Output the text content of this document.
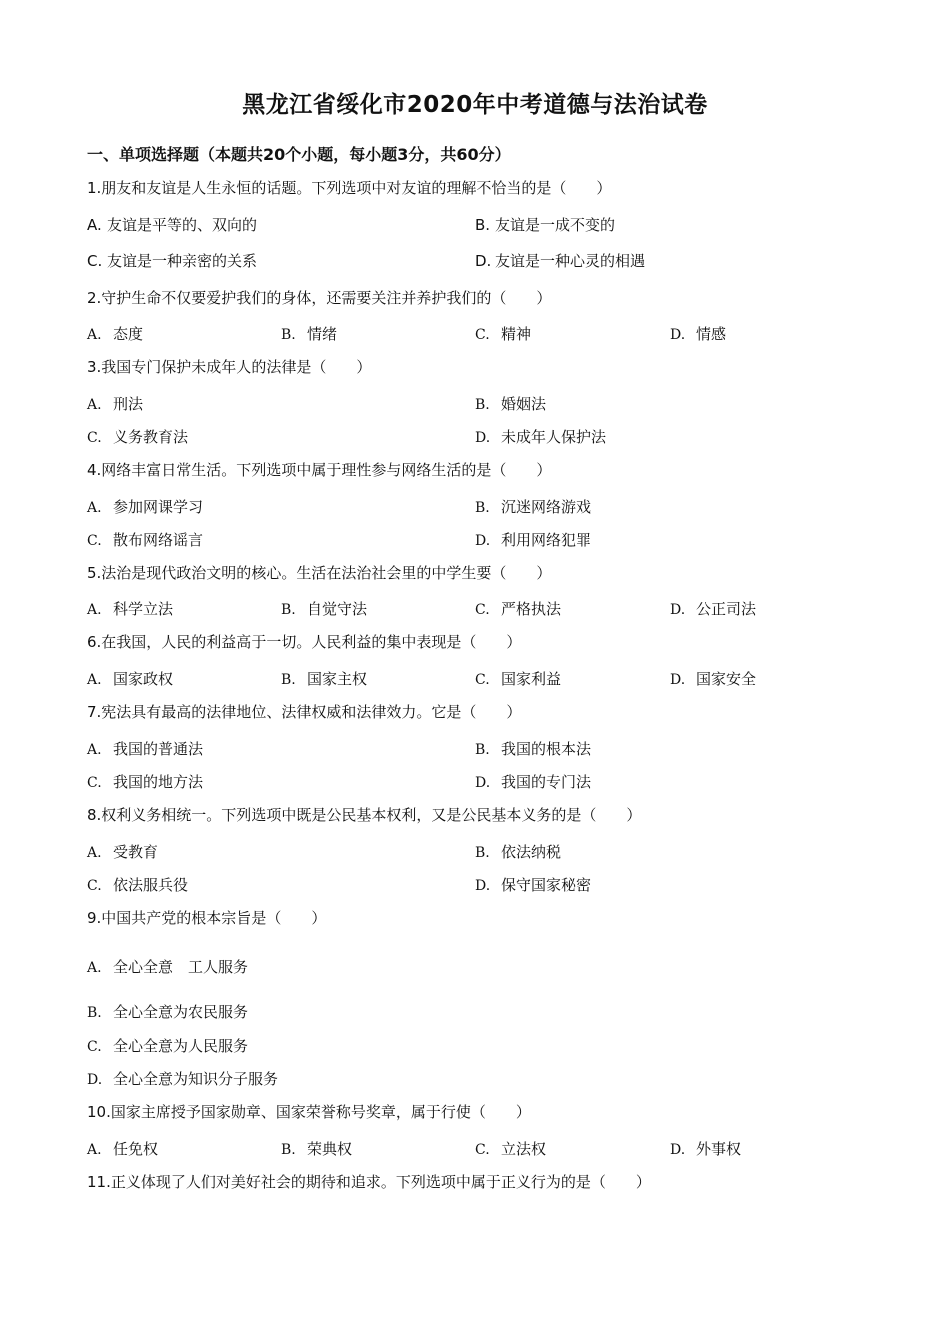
黑龙江省绥化市2020年中考道德与法治试卷
一、单项选择题（本题共20个小题，每小题3分，共60分）
1.朋友和友谊是人生永恒的话题。下列选项中对友谊的理解不恰当的是（　　）
A. 友谊是平等的、双向的	B. 友谊是一成不变的
C. 友谊是一种亲密的关系	D. 友谊是一种心灵的相遇
2.守护生命不仅要爱护我们的身体，还需要关注并养护我们的（　　）
A. 态度	B. 情绪	C. 精神	D. 情感
3.我国专门保护未成年人的法律是（　　）
A. 刑法	B. 婚姻法
C. 义务教育法	D. 未成年人保护法
4.网络丰富日常生活。下列选项中属于理性参与网络生活的是（　　）
A. 参加网课学习	B. 沉迷网络游戏
C. 散布网络谣言	D. 利用网络犯罪
5.法治是现代政治文明的核心。生活在法治社会里的中学生要（　　）
A. 科学立法	B. 自觉守法	C. 严格执法	D. 公正司法
6.在我国，人民的利益高于一切。人民利益的集中表现是（　　）
A. 国家政权	B. 国家主权	C. 国家利益	D. 国家安全
7.宪法具有最高的法律地位、法律权威和法律效力。它是（　　）
A. 我国的普通法	B. 我国的根本法
C. 我国的地方法	D. 我国的专门法
8.权利义务相统一。下列选项中既是公民基本权利，又是公民基本义务的是（　　）
A. 受教育	B. 依法纳税
C. 依法服兵役	D. 保守国家秘密
9.中国共产党的根本宗旨是（　　）
A. 全心全意　工人服务
B. 全心全意为农民服务
C. 全心全意为人民服务
D. 全心全意为知识分子服务
10.国家主席授予国家勋章、国家荣誉称号奖章，属于行使（　　）
A. 任免权	B. 荣典权	C. 立法权	D. 外事权
11.正义体现了人们对美好社会的期待和追求。下列选项中属于正义行为的是（　　）
